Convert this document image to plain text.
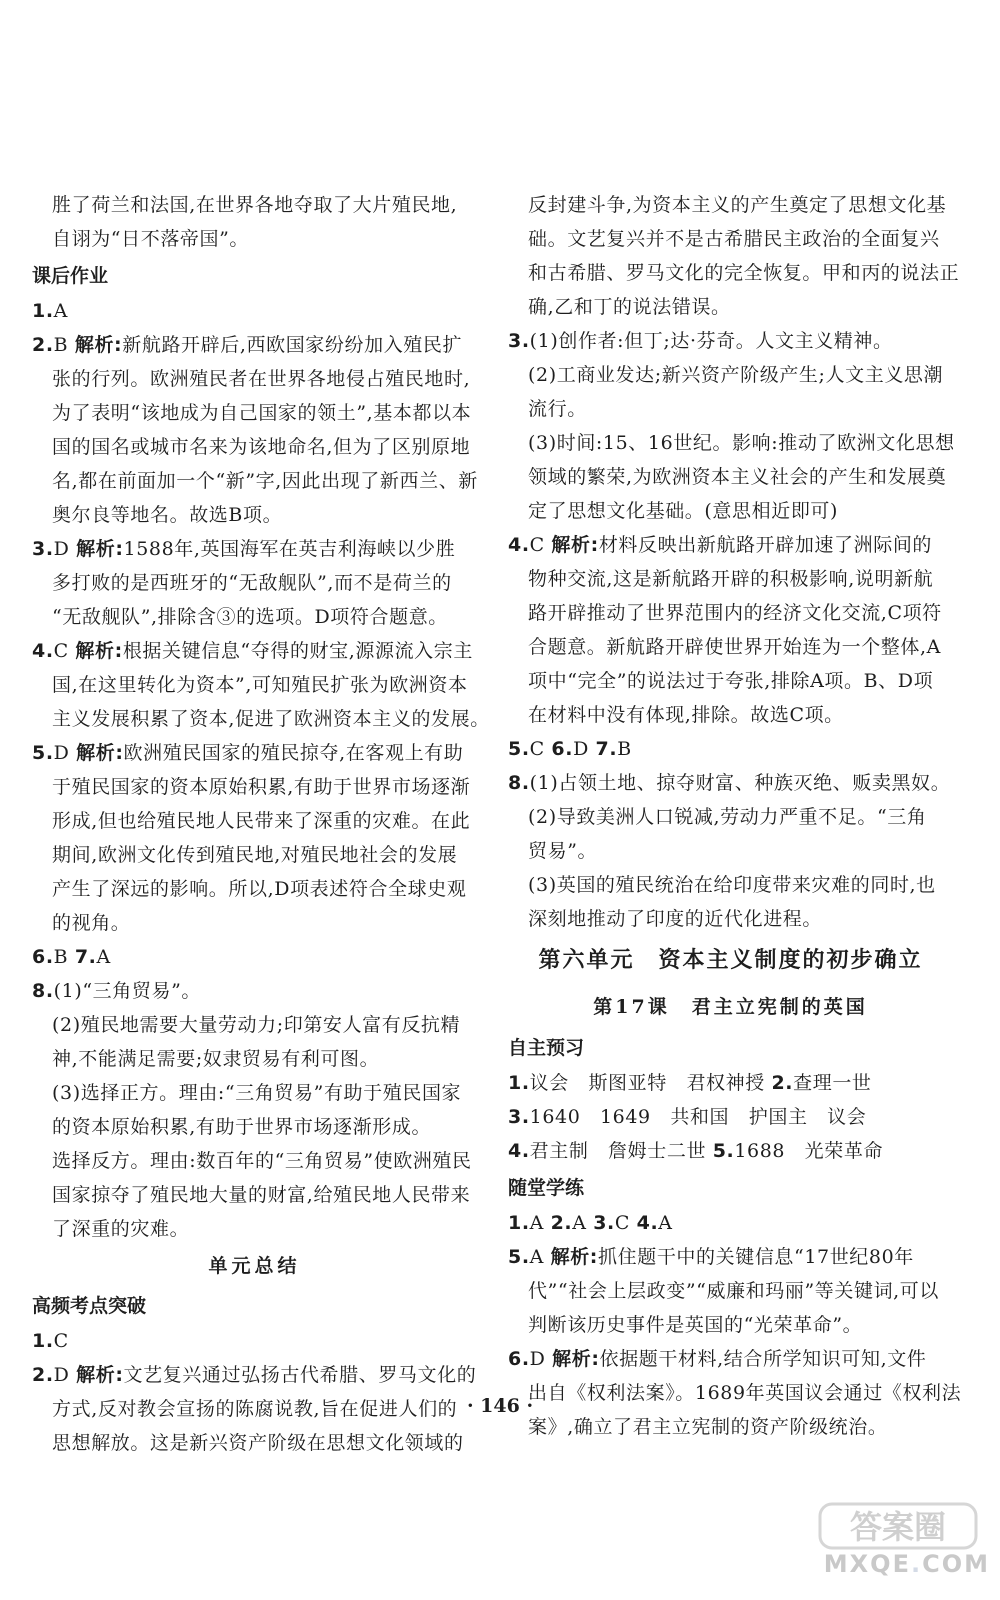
胜了荷兰和法国,在世界各地夺取了大片殖民地,
自诩为“日不落帝国”。
课后作业
1.A
2.B 解析:新航路开辟后,西欧国家纷纷加入殖民扩
张的行列。欧洲殖民者在世界各地侵占殖民地时,
为了表明“该地成为自己国家的领土”,基本都以本
国的国名或城市名来为该地命名,但为了区别原地
名,都在前面加一个“新”字,因此出现了新西兰、新
奥尔良等地名。故选B项。
3.D 解析:1588年,英国海军在英吉利海峡以少胜
多打败的是西班牙的“无敌舰队”,而不是荷兰的
“无敌舰队”,排除含③的选项。D项符合题意。
4.C 解析:根据关键信息“夺得的财宝,源源流入宗主
国,在这里转化为资本”,可知殖民扩张为欧洲资本
主义发展积累了资本,促进了欧洲资本主义的发展。
5.D 解析:欧洲殖民国家的殖民掠夺,在客观上有助
于殖民国家的资本原始积累,有助于世界市场逐渐
形成,但也给殖民地人民带来了深重的灾难。在此
期间,欧洲文化传到殖民地,对殖民地社会的发展
产生了深远的影响。所以,D项表述符合全球史观
的视角。
6.B 7.A
8.(1)“三角贸易”。
(2)殖民地需要大量劳动力;印第安人富有反抗精
神,不能满足需要;奴隶贸易有利可图。
(3)选择正方。理由:“三角贸易”有助于殖民国家
的资本原始积累,有助于世界市场逐渐形成。
选择反方。理由:数百年的“三角贸易”使欧洲殖民
国家掠夺了殖民地大量的财富,给殖民地人民带来
了深重的灾难。
单元总结
高频考点突破
1.C
2.D 解析:文艺复兴通过弘扬古代希腊、罗马文化的
方式,反对教会宣扬的陈腐说教,旨在促进人们的
思想解放。这是新兴资产阶级在思想文化领域的
反封建斗争,为资本主义的产生奠定了思想文化基
础。文艺复兴并不是古希腊民主政治的全面复兴
和古希腊、罗马文化的完全恢复。甲和丙的说法正
确,乙和丁的说法错误。
3.(1)创作者:但丁;达·芬奇。人文主义精神。
(2)工商业发达;新兴资产阶级产生;人文主义思潮
流行。
(3)时间:15、16世纪。影响:推动了欧洲文化思想
领域的繁荣,为欧洲资本主义社会的产生和发展奠
定了思想文化基础。(意思相近即可)
4.C 解析:材料反映出新航路开辟加速了洲际间的
物种交流,这是新航路开辟的积极影响,说明新航
路开辟推动了世界范围内的经济文化交流,C项符
合题意。新航路开辟使世界开始连为一个整体,A
项中“完全”的说法过于夸张,排除A项。B、D项
在材料中没有体现,排除。故选C项。
5.C 6.D 7.B
8.(1)占领土地、掠夺财富、种族灭绝、贩卖黑奴。
(2)导致美洲人口锐减,劳动力严重不足。“三角
贸易”。
(3)英国的殖民统治在给印度带来灾难的同时,也
深刻地推动了印度的近代化进程。
第六单元　资本主义制度的初步确立
第17课　君主立宪制的英国
自主预习
1.议会　斯图亚特　君权神授 2.查理一世
3.1640　1649　共和国　护国主　议会
4.君主制　詹姆士二世 5.1688　光荣革命
随堂学练
1.A 2.A 3.C 4.A
5.A 解析:抓住题干中的关键信息“17世纪80年
代”“社会上层政变”“威廉和玛丽”等关键词,可以
判断该历史事件是英国的“光荣革命”。
6.D 解析:依据题干材料,结合所学知识可知,文件
出自《权利法案》。1689年英国议会通过《权利法
案》,确立了君主立宪制的资产阶级统治。
· 146 ·
答案圈
MXQE.COM
